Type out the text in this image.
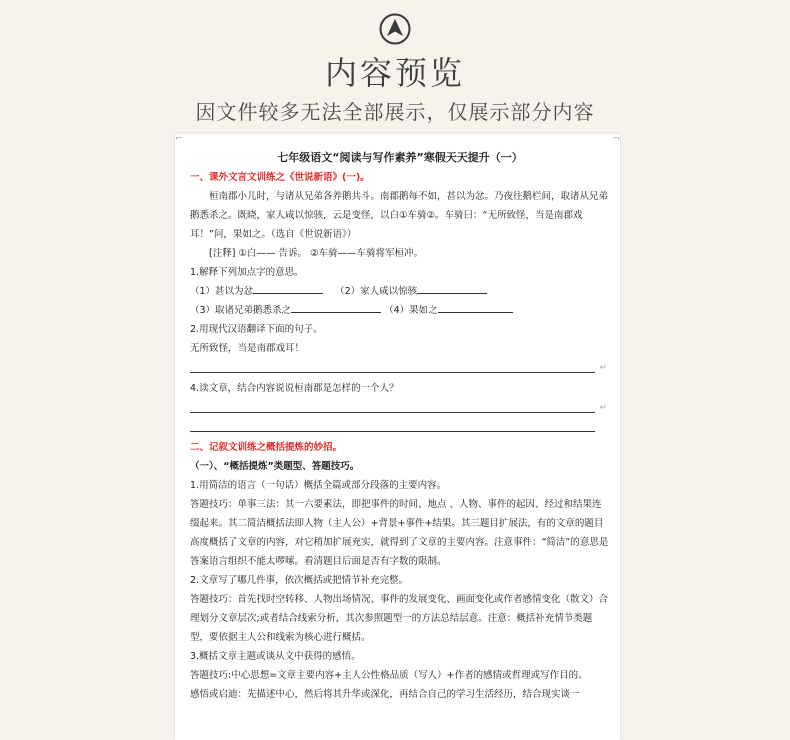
内容预览
因文件较多无法全部展示，仅展示部分内容
⌐	¬
七年级语文“阅读与写作素养”寒假天天提升（一）
一、课外文言文训练之《世说新语》(一)。
桓南郡小儿时，与诸从兄弟各养鹅共斗。南郡鹅每不如，甚以为忿。乃夜往鹅栏间，取诸从兄弟鹅悉杀之。既晓，家人咸以惊骇，云是变怪，以白①车骑②。车骑曰：“无所致怪，当是南郡戏耳！”问，果如之。（选自《世说新语》）
[注释] ①白—— 告诉。 ②车骑——车骑将军桓冲。
1.解释下列加点字的意思。
（1）甚以为忿	（2）家人咸以惊骇
（3）取诸兄弟鹅悉杀之	（4）果如之
2.用现代汉语翻译下面的句子。
无所致怪，当是南郡戏耳！
↵
4.读文章，结合内容说说桓南郡是怎样的一个人？
↵
二、记叙文训练之概括提炼的妙招。
（一）、“概括提炼”类题型、答题技巧。
1.用简洁的语言（一句话）概括全篇或部分段落的主要内容。
答题技巧：单事三法：其一六要素法，即把事件的时间、地点 、人物、事件的起因、经过和结果连缀起来。其二简洁概括法即人物（主人公）+背景+事件+结果。其三题目扩展法，有的文章的题目高度概括了文章的内容，对它稍加扩展充实，就得到了文章的主要内容。注意事件：“简洁”的意思是答案语言组织不能太啰嗦。看清题目后面是否有字数的限制。
2.文章写了哪几件事，依次概括或把情节补充完整。
答题技巧：首先找时空转移、人物出场情况、事件的发展变化、画面变化或作者感情变化（散文）合理划分文章层次;或者结合线索分析，其次参照题型一的方法总结层意。注意：概括补充情节类题型，要依据主人公和线索为核心进行概括。
3.概括文章主题或谈从文中获得的感悟。
答题技巧:中心思想=文章主要内容+主人公性格品质（写人）+作者的感情或哲理或写作目的。
感悟或启迪：先描述中心，然后将其升华或深化，再结合自己的学习生活经历，结合现实谈一
